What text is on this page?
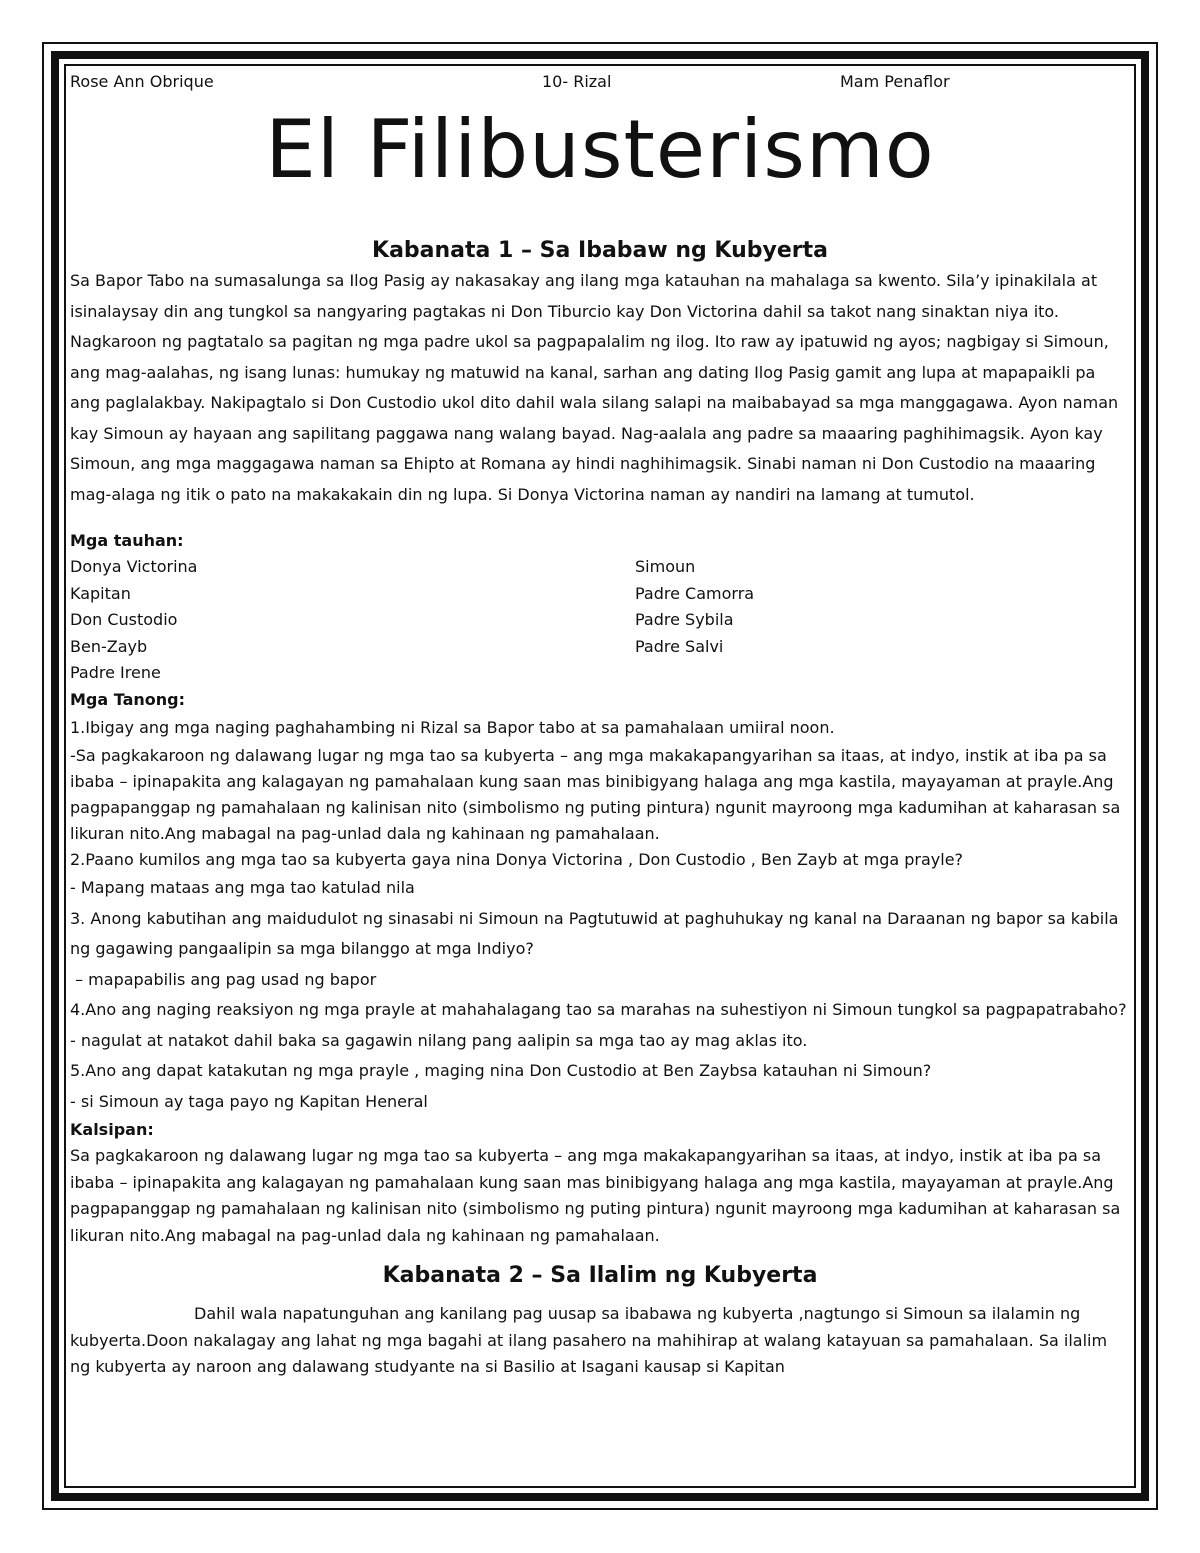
Rose Ann Obrique	10- Rizal	Mam Penaflor
El Filibusterismo
Kabanata 1 – Sa Ibabaw ng Kubyerta

Sa Bapor Tabo na sumasalunga sa Ilog Pasig ay nakasakay ang ilang mga katauhan na mahalaga sa kwento. Sila’y ipinakilala at isinalaysay din ang tungkol sa nangyaring pagtakas ni Don Tiburcio kay Don Victorina dahil sa takot nang sinaktan niya ito. Nagkaroon ng pagtatalo sa pagitan ng mga padre ukol sa pagpapalalim ng ilog. Ito raw ay ipatuwid ng ayos; nagbigay si Simoun, ang mag-aalahas, ng isang lunas: humukay ng matuwid na kanal, sarhan ang dating Ilog Pasig gamit ang lupa at mapapaikli pa ang paglalakbay. Nakipagtalo si Don Custodio ukol dito dahil wala silang salapi na maibabayad sa mga manggagawa. Ayon naman kay Simoun ay hayaan ang sapilitang paggawa nang walang bayad. Nag-aalala ang padre sa maaaring paghihimagsik. Ayon kay Simoun, ang mga maggagawa naman sa Ehipto at Romana ay hindi naghihimagsik. Sinabi naman ni Don Custodio na maaaring mag-alaga ng itik o pato na makakakain din ng lupa. Si Donya Victorina naman ay nandiri na lamang at tumutol.

Mga tauhan:
Donya Victorina
Kapitan
Don Custodio
Ben-Zayb
Padre Irene
Simoun
Padre Camorra
Padre Sybila
Padre Salvi
Mga Tanong:
1.Ibigay ang mga naging paghahambing ni Rizal sa Bapor tabo at sa pamahalaan umiiral noon.
-Sa pagkakaroon ng dalawang lugar ng mga tao sa kubyerta – ang mga makakapangyarihan sa itaas, at indyo, instik at iba pa sa ibaba – ipinapakita ang kalagayan ng pamahalaan kung saan mas binibigyang halaga ang mga kastila, mayayaman at prayle.Ang pagpapanggap ng pamahalaan ng kalinisan nito (simbolismo ng puting pintura) ngunit mayroong mga kadumihan at kaharasan sa likuran nito.Ang mabagal na pag-unlad dala ng kahinaan ng pamahalaan.
2.Paano kumilos ang mga tao sa kubyerta gaya nina Donya Victorina , Don Custodio , Ben Zayb at mga prayle?
- Mapang mataas ang mga tao katulad nila
3. Anong kabutihan ang maidudulot ng sinasabi ni Simoun na Pagtutuwid at paghuhukay ng kanal na Daraanan ng bapor sa kabila ng gagawing pangaalipin sa mga bilanggo at mga Indiyo?
– mapapabilis ang pag usad ng bapor
4.Ano ang naging reaksiyon ng mga prayle at mahahalagang tao sa marahas na suhestiyon ni Simoun tungkol sa pagpapatrabaho?
- nagulat at natakot dahil baka sa gagawin nilang pang aalipin sa mga tao ay mag aklas ito.
5.Ano ang dapat katakutan ng mga prayle , maging nina Don Custodio at Ben Zaybsa katauhan ni Simoun?
- si Simoun ay taga payo ng Kapitan Heneral
Kalsipan:

Sa pagkakaroon ng dalawang lugar ng mga tao sa kubyerta – ang mga makakapangyarihan sa itaas, at indyo, instik at iba pa sa ibaba – ipinapakita ang kalagayan ng pamahalaan kung saan mas binibigyang halaga ang mga kastila, mayayaman at prayle.Ang pagpapanggap ng pamahalaan ng kalinisan nito (simbolismo ng puting pintura) ngunit mayroong mga kadumihan at kaharasan sa likuran nito.Ang mabagal na pag-unlad dala ng kahinaan ng pamahalaan.

Kabanata 2 – Sa Ilalim ng Kubyerta

Dahil wala napatunguhan ang kanilang pag uusap sa ibabawa ng kubyerta ,nagtungo si Simoun sa ilalamin ng kubyerta.Doon nakalagay ang lahat ng mga bagahi at ilang pasahero na mahihirap at walang katayuan sa pamahalaan. Sa ilalim ng kubyerta ay naroon ang dalawang studyante na si Basilio at Isagani kausap si Kapitan
